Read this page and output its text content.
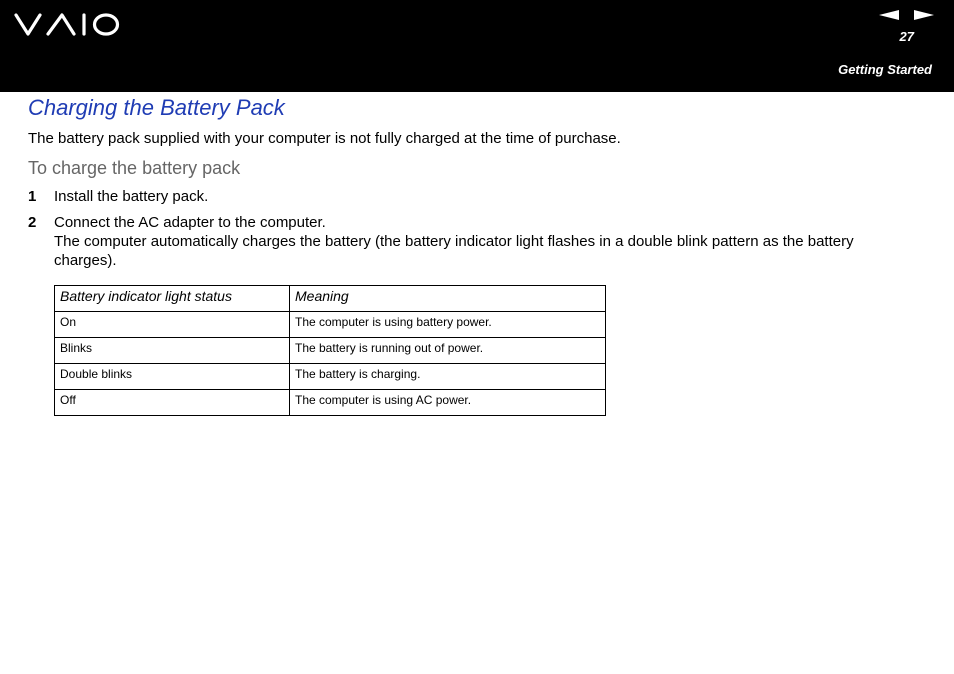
27
Getting Started
Charging the Battery Pack

The battery pack supplied with your computer is not fully charged at the time of purchase.

To charge the battery pack
1	Install the battery pack.
2	Connect the AC adapter to the computer.
The computer automatically charges the battery (the battery indicator light flashes in a double blink pattern as the battery charges).
Battery indicator light status	Meaning
On	The computer is using battery power.
Blinks	The battery is running out of power.
Double blinks	The battery is charging.
Off	The computer is using AC power.
